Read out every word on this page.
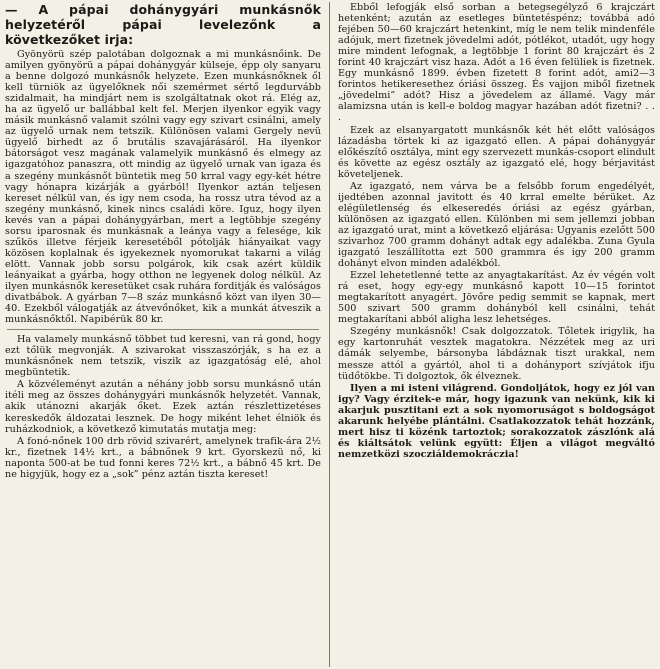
— A pápai dohánygyári munkásnők helyzetéről pápai levelezőnk a következőket irja:

Gyönyörü szép palotában dolgoznak a mi munkásnőink. De amilyen gyönyörü a pápai dohánygyár külseje, épp oly sanyaru a benne dolgozó munkásnők helyzete. Ezen munkásnőknek ől kell türniök az ügyelőknek női szemérmet sértő legdurvább szidalmait, ha mindjárt nem is szolgáltatnak okot rá. Elég az, ha az ügyelő ur ballábbal kelt fel. Merjen ilyenkor egyik vagy másik munkásnő valamit szólni vagy egy szivart csinálni, amely az ügyelő urnak nem tetszik. Különösen valami Gergely nevü ügyelő birhedt az ő brutális szavajárásáról. Ha ilyenkor bátorságot vesz magának valamelyik munkásnő és elmegy az igazgatóhoz panaszra, ott mindig az ügyelő urnak van igaza és a szegény munkásnőt büntetik meg 50 krral vagy egy-két hétre vagy hónapra kizárják a gyárból! Ilyenkor aztán teljesen kereset nélkül van, és igy nem csoda, ha rossz utra tévod az a szegény munkásnő, kinek nincs családi köre. Iguz, hogy ilyen kevés van a pápai dohánygyárban, mert a legtöbbje szegény sorsu iparosnak és munkásnak a leánya vagy a felesége, kik szűkös illetve férjeik keresetéből pótolják hiányaikat vagy közösen koplalnak és igyekeznek nyomorukat takarni a világ elött. Vannak jobb sorsu polgárok, kik csak azért küldik leányaikat a gyárba, hogy otthon ne legyenek dolog nélkül. Az ilyen munkásnők keresetüket csak ruhára forditják és valóságos divatbábok. A gyárban 7—8 száz munkásnő közt van ilyen 30—40. Ezekből válogatják az átvevőnőket, kik a munkát átveszik a munkásnőktől. Napibérük 80 kr.

Ha valamely munkásnő többet tud keresni, van rá gond, hogy ezt tőlük megvonják. A szivarokat visszaszórják, s ha ez a munkásnőnek nem tetszik, viszik az igazgatóság elé, ahol megbüntetik.

A közvéleményt azután a néhány jobb sorsu munkásnő után itéli meg az összes dohánygyári munkásnők helyzetét. Vannak, akik utánozni akarják őket. Ezek aztán részlettizetéses kereskedők áldozatai lesznek. De hogy miként lehet élniök és ruházkodniok, a következő kimutatás mutatja meg:

A fonó-nőnek 100 drb rövid szivarért, amelynek trafik-ára 2½ kr., fizetnek 14½ krt., a bábnőnek 9 krt. Gyorskezü nő, ki naponta 500-at be tud fonni keres 72½ krt., a bábnő 45 krt. De ne higyjük, hogy ez a „sok” pénz aztán tiszta kereset!

Ebből lefogják első sorban a betegsegélyző 6 krajczárt hetenként; azután az esetleges büntetéspénz; továbbá adó fejében 50—60 krajczárt hetenkint, míg le nem telik mindenféle adójuk, mert fizetnek jövedelmi adót, pótlékot, utadót, ugy hogy mire mindent lefognak, a legtöbbje 1 forint 80 krajczárt és 2 forint 40 krajczárt visz haza. Adót a 16 éven felüliek is fizetnek. Egy munkásnő 1899. évben fizetett 8 forint adót, ami2—3 forintos hetikeresethez óriási összeg. És vajjon miből fizetnek „jövedelmi” adót? Hisz a jövedelem az államé. Vagy már alamizsna után is kell-e boldog magyar hazában adót fizetni? . . .

Ezek az elsanyargatott munkásnők két hét előtt valóságos lázadásba törtek ki az igazgató ellen. A pápai dohánygyár előkészítő osztálya, mint egy szervezett munkás-csoport elindult és követte az egész osztály az igazgató elé, hogy bérjavitást követeljenek.

Az igazgató, nem várva be a felsőbb forum engedélyét, ijedtében azonnal javitott és 40 krral emelte bérüket. Az elégületlenség és elkeseredés óriási az egész gyárban, különösen az igazgató ellen. Különben mi sem jellemzi jobban az igazgató urat, mint a következő eljárása: Ugyanis ezelőtt 500 szivarhoz 700 gramm dohányt adtak egy adalékba. Zuna Gyula igazgató leszállította ezt 500 grammra és igy 200 gramm dohányt elvon minden adalékból.

Ezzel lehetetlenné tette az anyagtakarítást. Az év végén volt rá eset, hogy egy-egy munkásnő kapott 10—15 forintot megtakarított anyagért. Jövőre pedig semmit se kapnak, mert 500 szivart 500 gramm dohányból kell csinálni, tehát megtakarítani abból aligha lesz lehetséges.

Szegény munkásnők! Csak dolgozzatok. Tőletek irigylik, ha egy kartonruhát vesztek magatokra. Nézzétek meg az uri dámák selyembe, bársonyba lábdáznak tiszt urakkal, nem messze attól a gyártól, ahol ti a dohányport szívjátok ifju tüdőtökbe. Ti dolgoztok, ők élveznek.

Ilyen a mi isteni világrend. Gondoljátok, hogy ez jól van igy? Vagy érzitek-e már, hogy igazunk van nekünk, kik ki akarjuk pusztitani ezt a sok nyomoruságot s boldogságot akarunk helyébe plántálni. Csatlakozzatok tehát hozzánk, mert hisz ti közénk tartoztok; sorakozzatok zászlónk alá és kiáltsátok velünk együtt: Éljen a világot megváltó nemzetközi szocziáldemokráczia!
